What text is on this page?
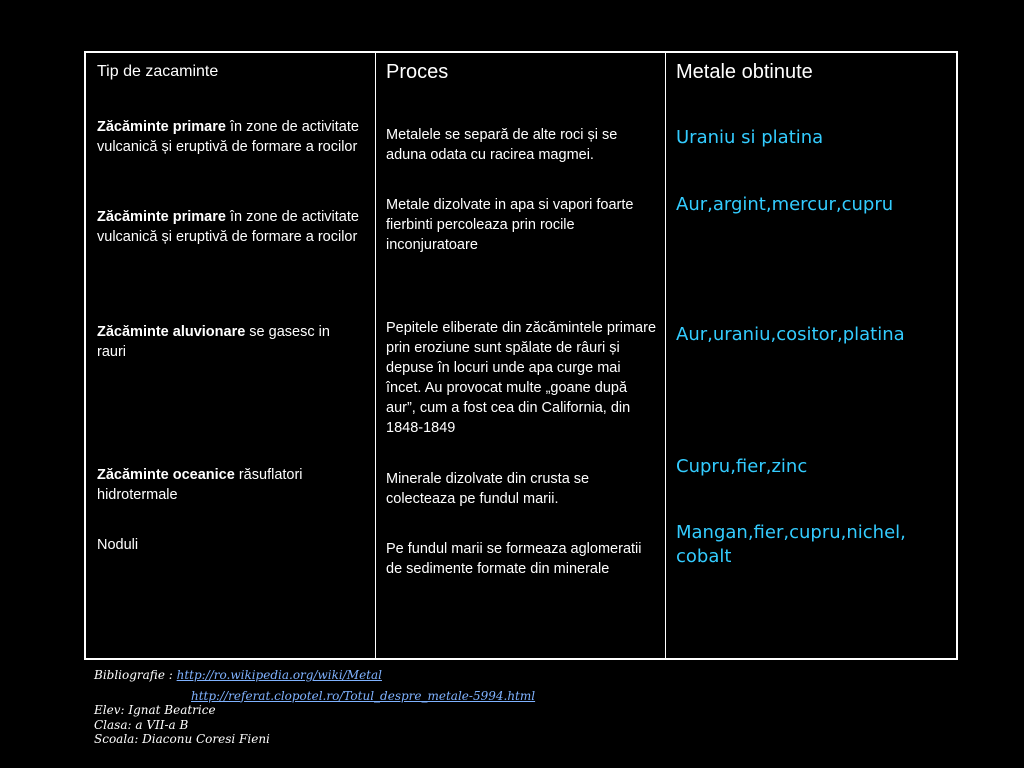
Tip de zacaminte
Zăcăminte primare în zone de activitate vulcanică și eruptivă de formare a rocilor
Zăcăminte primare în zone de activitate vulcanică și eruptivă de formare a rocilor
Zăcăminte aluvionare se gasesc in rauri
Zăcăminte oceanice răsuflatori hidrotermale
Noduli
Proces
Metalele se separă de alte roci și se aduna odata cu racirea magmei.
Metale dizolvate in apa si vapori foarte fierbinti percoleaza prin rocile inconjuratoare
Pepitele eliberate din zăcămintele primare prin eroziune sunt spălate de râuri și depuse în locuri unde apa curge mai încet. Au provocat multe „goane după aur”, cum a fost cea din California, din 1848-1849
Minerale dizolvate din crusta se colecteaza pe fundul marii.
Pe fundul marii se formeaza aglomeratii de sedimente formate din minerale
Metale obtinute
Uraniu si platina
Aur,argint,mercur,cupru
Aur,uraniu,cositor,platina
Cupru,fier,zinc
Mangan,fier,cupru,nichel, cobalt
Bibliografie : http://ro.wikipedia.org/wiki/Metal
http://referat.clopotel.ro/Totul_despre_metale-5994.html
Elev: Ignat Beatrice
Clasa: a VII-a B
Scoala: Diaconu Coresi Fieni
